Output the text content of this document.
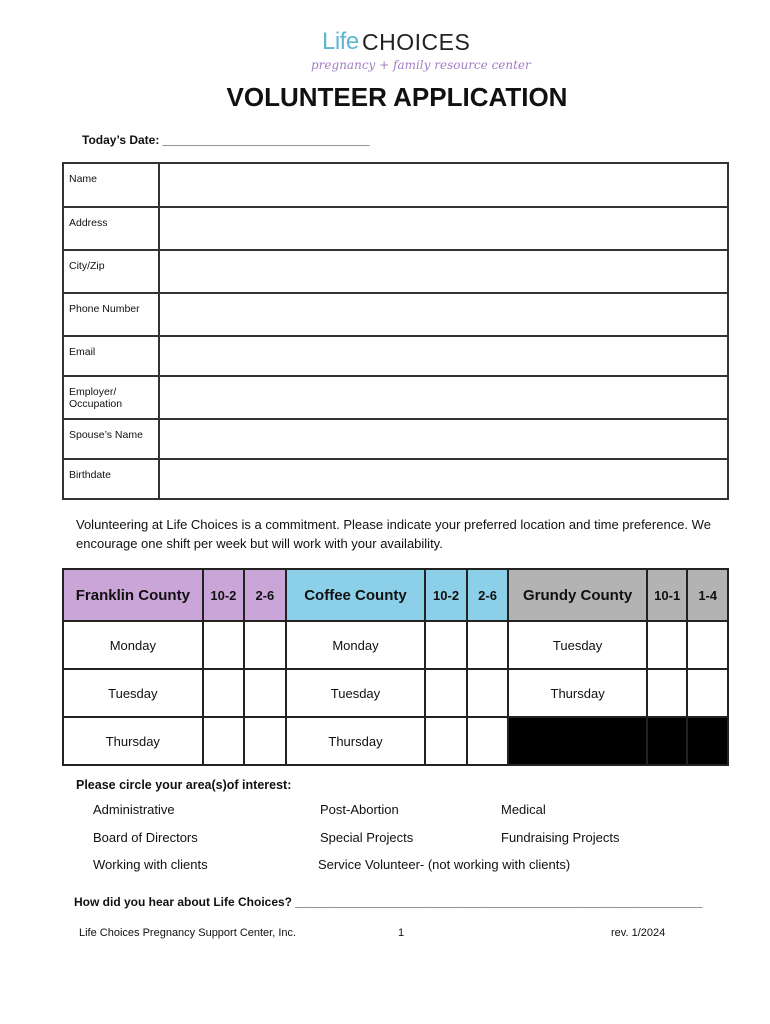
Life CHOICES
pregnancy + family resource center
VOLUNTEER APPLICATION
Today’s Date: _______________________________
Name	
Address	
City/Zip	
Phone Number	
Email	
Employer/ Occupation	
Spouse’s Name	
Birthdate	
Volunteering at Life Choices is a commitment. Please indicate your preferred location and time preference. We encourage one shift per week but will work with your availability.
Franklin County	10-2	2-6	Coffee County	10-2	2-6	Grundy County	10-1	1-4
Monday			Monday			Tuesday		
Tuesday			Tuesday			Thursday		
Thursday			Thursday					
Please circle your area(s)of interest:
Administrative
Board of Directors
Working with clients
Post-Abortion
Special Projects
Service Volunteer- (not working with clients)
Medical
Fundraising Projects
How did you hear about Life Choices? _____________________________________________________________
Life Choices Pregnancy Support Center, Inc.	1	rev. 1/2024
